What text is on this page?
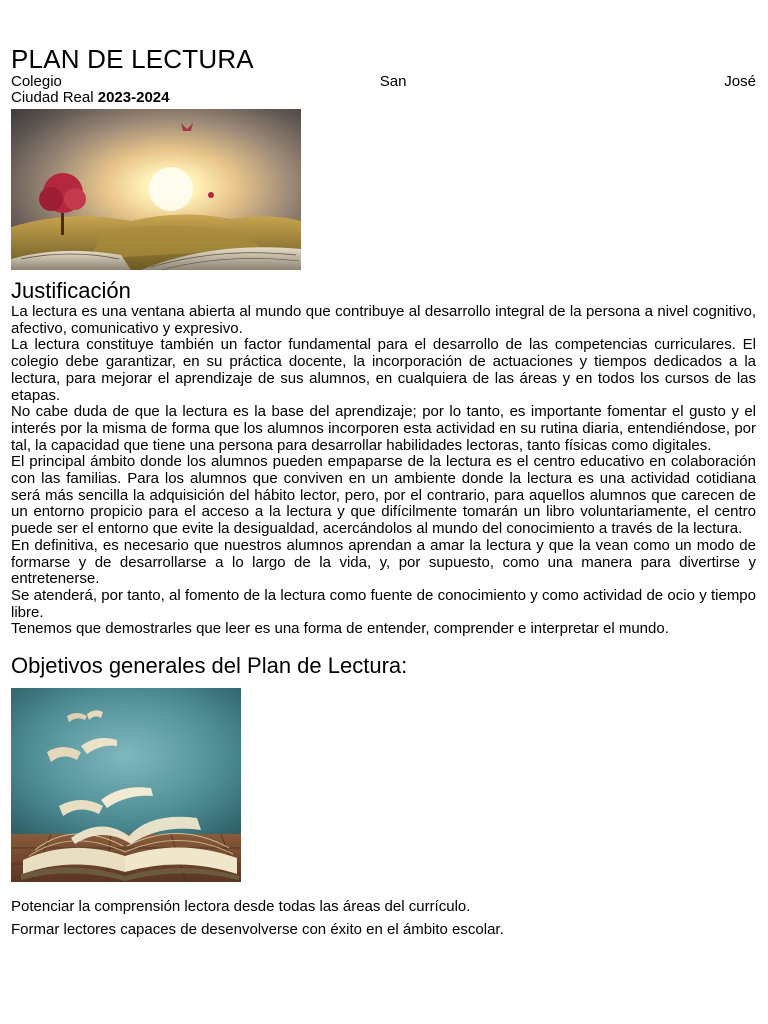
PLAN DE LECTURA
Colegio	San	José
Ciudad Real 2023-2024
Justificación

La lectura es una ventana abierta al mundo que contribuye al desarrollo integral de la persona a nivel cognitivo, afectivo, comunicativo y expresivo.

La lectura constituye también un factor fundamental para el desarrollo de las competencias curriculares. El colegio debe garantizar, en su práctica docente, la incorporación de actuaciones y tiempos dedicados a la lectura, para mejorar el aprendizaje de sus alumnos, en cualquiera de las áreas y en todos los cursos de las etapas.

No cabe duda de que la lectura es la base del aprendizaje; por lo tanto, es importante fomentar el gusto y el interés por la misma de forma que los alumnos incorporen esta actividad en su rutina diaria, entendiéndose, por tal, la capacidad que tiene una persona para desarrollar habilidades lectoras, tanto físicas como digitales.

El principal ámbito donde los alumnos pueden empaparse de la lectura es el centro educativo en colaboración con las familias. Para los alumnos que conviven en un ambiente donde la lectura es una actividad cotidiana será más sencilla la adquisición del hábito lector, pero, por el contrario, para aquellos alumnos que carecen de un entorno propicio para el acceso a la lectura y que difícilmente tomarán un libro voluntariamente, el centro puede ser el entorno que evite la desigualdad, acercándolos al mundo del conocimiento a través de la lectura.

En definitiva, es necesario que nuestros alumnos aprendan a amar la lectura y que la vean como un modo de formarse y de desarrollarse a lo largo de la vida, y, por supuesto, como una manera para divertirse y entretenerse.

Se atenderá, por tanto, al fomento de la lectura como fuente de conocimiento y como actividad de ocio y tiempo libre.

Tenemos que demostrarles que leer es una forma de entender, comprender e interpretar el mundo.

Objetivos generales del Plan de Lectura:

Potenciar la comprensión lectora desde todas las áreas del currículo.

Formar lectores capaces de desenvolverse con éxito en el ámbito escolar.
